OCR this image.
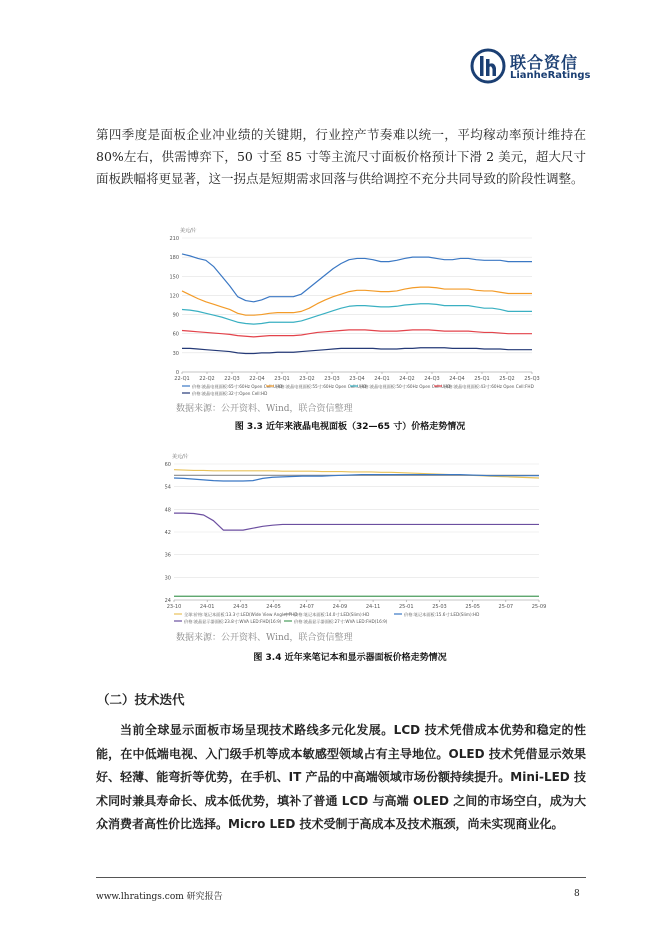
联合资信
LianheRatings

第四季度是面板企业冲业绩的关键期，行业控产节奏难以统一，平均稼动率预计维持在 80%左右，供需博弈下，50 寸至 85 寸等主流尺寸面板价格预计下滑 2 美元，超大尺寸面板跌幅将更显著，这一拐点是短期需求回落与供给调控不充分共同导致的阶段性调整。

美元/片
0
30
60
90
120
150
180
210
22-Q1 22-Q2 22-Q3 22-Q4 23-Q1 23-Q2 23-Q3 23-Q4 24-Q1 24-Q2 24-Q3 24-Q4 25-Q1 25-Q2 25-Q3
价格:液晶电视面板:65寸:60Hz Open Cell:UHD
价格:液晶电视面板:55寸:60Hz Open Cell:UHD
价格:液晶电视面板:50寸:60Hz Open Cell:UHD
价格:液晶电视面板:43寸:60Hz Open Cell:FHD
价格:液晶电视面板:32寸:Open Cell:HD
数据来源：公开资料、Wind，联合资信整理
图 3.3 近年来液晶电视面板（32—65 寸）价格走势情况
美元/片
24
30
36
42
48
54
60
23-10	24-01	24-03	24-05	24-07	24-09	24-11	25-01	25-03	25-05	25-07	25-09
全球:价格:笔记本面板:13.3寸:LED(Wide View Angle):FHD
价格:笔记本面板:14.0寸:LED(Slim):HD	价格:笔记本面板:15.6寸:LED(Slim):HD
价格:液晶显示器面板:23.8寸:WVA LED:FHD(16:9)	价格:液晶显示器面板:27寸:WVA LED:FHD(16:9)
数据来源：公开资料、Wind，联合资信整理
图 3.4 近年来笔记本和显示器面板价格走势情况
（二）技术迭代

当前全球显示面板市场呈现技术路线多元化发展。LCD 技术凭借成本优势和稳定的性能，在中低端电视、入门级手机等成本敏感型领域占有主导地位。OLED 技术凭借显示效果好、轻薄、能弯折等优势，在手机、IT 产品的中高端领域市场份额持续提升。Mini-LED 技术同时兼具寿命长、成本低优势，填补了普通 LCD 与高端 OLED 之间的市场空白，成为大众消费者高性价比选择。Micro LED 技术受制于高成本及技术瓶颈，尚未实现商业化。

www.lhratings.com 研究报告	8
